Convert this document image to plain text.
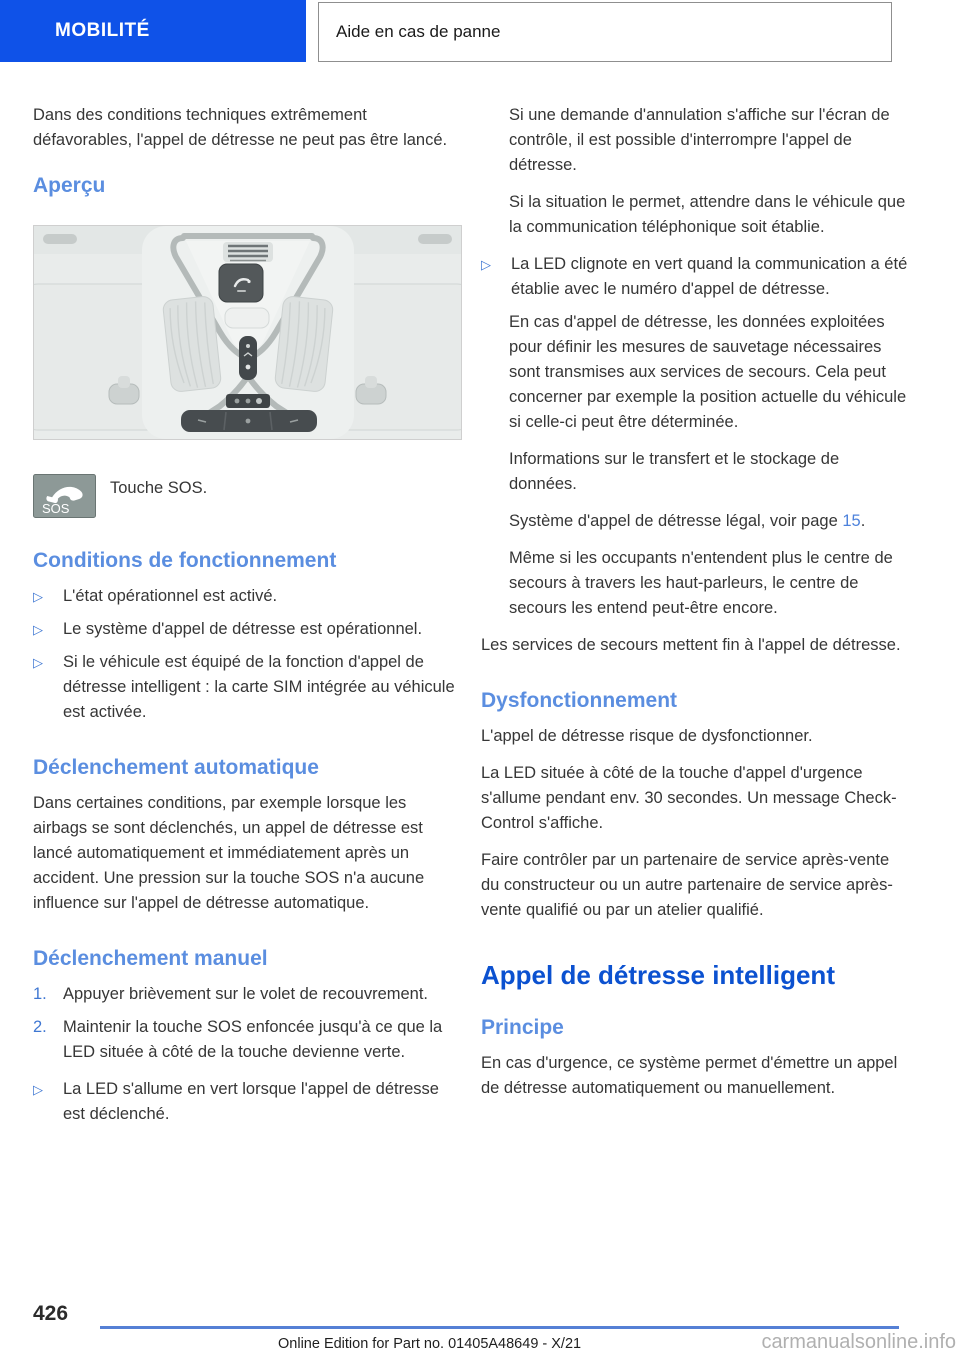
MOBILITÉ	Aide en cas de panne

Dans des conditions techniques extrêmement défavorables, l'appel de détresse ne peut pas être lancé.

Aperçu
SOS
Touche SOS.
Conditions de fonctionnement
▷	L'état opérationnel est activé.
▷	Le système d'appel de détresse est opérationnel.
▷	Si le véhicule est équipé de la fonction d'appel de détresse intelligent : la carte SIM intégrée au véhicule est activée.
Déclenchement automatique

Dans certaines conditions, par exemple lorsque les airbags se sont déclenchés, un appel de détresse est lancé automatiquement et immédiatement après un accident. Une pression sur la touche SOS n'a aucune influence sur l'appel de détresse automatique.

Déclenchement manuel
1. Appuyer brièvement sur le volet de recouvrement.
2. Maintenir la touche SOS enfoncée jusqu'à ce que la LED située à côté de la touche devienne verte.
▷	La LED s'allume en vert lorsque l'appel de détresse est déclenché.

Si une demande d'annulation s'affiche sur l'écran de contrôle, il est possible d'interrompre l'appel de détresse.

Si la situation le permet, attendre dans le véhicule que la communication téléphonique soit établie.

▷	La LED clignote en vert quand la communication a été établie avec le numéro d'appel de détresse.

En cas d'appel de détresse, les données exploitées pour définir les mesures de sauvetage nécessaires sont transmises aux services de secours. Cela peut concerner par exemple la position actuelle du véhicule si celle-ci peut être déterminée.

Informations sur le transfert et le stockage de données.

Système d'appel de détresse légal, voir page 15.

Même si les occupants n'entendent plus le centre de secours à travers les haut-parleurs, le centre de secours les entend peut-être encore.

Les services de secours mettent fin à l'appel de détresse.

Dysfonctionnement

L'appel de détresse risque de dysfonctionner.

La LED située à côté de la touche d'appel d'urgence s'allume pendant env. 30 secondes. Un message Check-Control s'affiche.

Faire contrôler par un partenaire de service après-vente du constructeur ou un autre partenaire de service après-vente qualifié ou par un atelier qualifié.

Appel de détresse intelligent
Principe

En cas d'urgence, ce système permet d'émettre un appel de détresse automatiquement ou manuellement.

426
Online Edition for Part no. 01405A48649 - X/21	carmanualsonline.info
